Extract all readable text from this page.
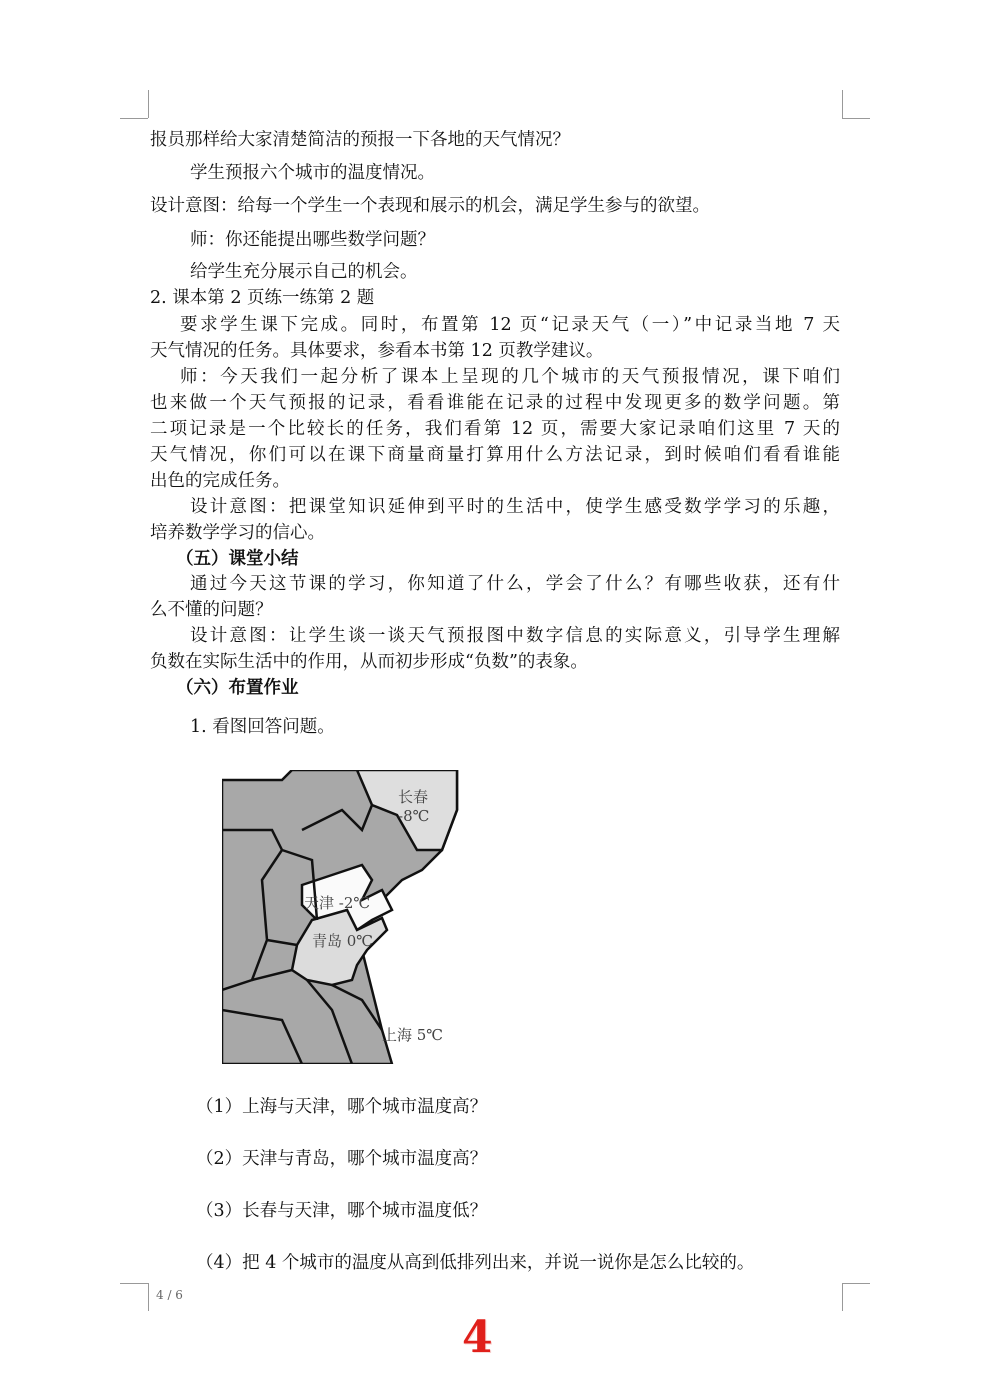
报员那样给大家清楚简洁的预报一下各地的天气情况？
学生预报六个城市的温度情况。
设计意图：给每一个学生一个表现和展示的机会，满足学生参与的欲望。
师：你还能提出哪些数学问题？
给学生充分展示自己的机会。
2. 课本第 2 页练一练第 2 题
要求学生课下完成。同时，布置第 12 页“记录天气（一）”中记录当地 7 天
天气情况的任务。具体要求，参看本书第 12 页教学建议。
师：今天我们一起分析了课本上呈现的几个城市的天气预报情况，课下咱们
也来做一个天气预报的记录，看看谁能在记录的过程中发现更多的数学问题。第
二项记录是一个比较长的任务，我们看第 12 页，需要大家记录咱们这里 7 天的
天气情况，你们可以在课下商量商量打算用什么方法记录，到时候咱们看看谁能
出色的完成任务。
设计意图：把课堂知识延伸到平时的生活中，使学生感受数学学习的乐趣，
培养数学学习的信心。
（五）课堂小结
通过今天这节课的学习，你知道了什么，学会了什么？有哪些收获，还有什
么不懂的问题？
设计意图：让学生谈一谈天气预报图中数字信息的实际意义，引导学生理解
负数在实际生活中的作用，从而初步形成“负数”的表象。
（六）布置作业
1. 看图回答问题。
长春 -8℃
天津 -2℃
青岛 0℃
上海 5℃
（1）上海与天津，哪个城市温度高？
（2）天津与青岛，哪个城市温度高？
（3）长春与天津，哪个城市温度低？
（4）把 4 个城市的温度从高到低排列出来，并说一说你是怎么比较的。
4 / 6
4
